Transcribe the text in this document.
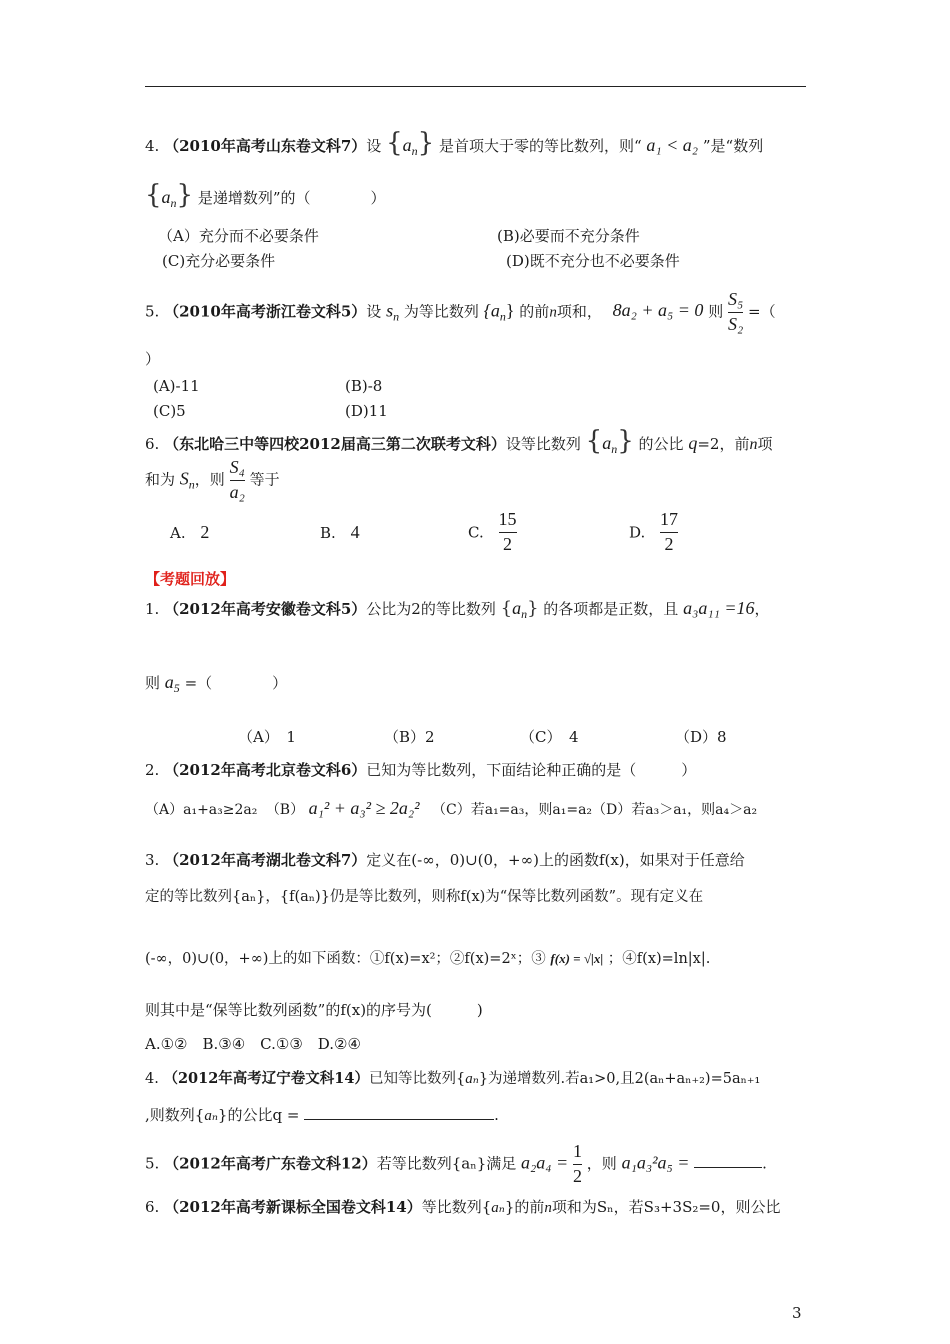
4. （2010年高考山东卷文科7）设 $\{a_n\}$ 是首项大于零的等比数列，则“ a₁ < a₂ ”是“数列
$\{a_n\}$ 是递增数列”的（　　　　）
（A）充分而不必要条件	(B)必要而不充分条件
(C)充分必要条件	(D)既不充分也不必要条件
5. （2010年高考浙江卷文科5）设 $s_n$ 为等比数列 $\{a_n\}$ 的前n项和， 8a₂ + a₅ = 0 则 $\frac{\text{S₅}}{\text{S₂}}$ =（
）
(A)-11	(B)-8
(C)5	(D)11
6. （东北哈三中等四校2012届高三第二次联考文科）设等比数列 $\{a_n\}$ 的公比 q=2，前n项
和为 $S_n$，则 $\frac{\text{S₄}}{\text{a₂}}$ 等于
A. 2	B. 4	C. $\frac{15}{2}$	D. $\frac{17}{2}$
【考题回放】
1. （2012年高考安徽卷文科5）公比为2的等比数列 $\{a_n\}$ 的各项都是正数，且 a₃a₁₁ =16，
则 $a_5$ =（　　　　）
（A）　1	（B）2	（C）　4	（D）8
2. （2012年高考北京卷文科6）已知为等比数列，下面结论种正确的是（　　　）
（A）a₁+a₃≥2a₂ （B） a₁² + a₃² ≥ 2a₂² （C）若a₁=a₃，则a₁=a₂（D）若a₃＞a₁，则a₄＞a₂
3. （2012年高考湖北卷文科7）定义在(-∞，0)∪(0，+∞)上的函数f(x)，如果对于任意给
定的等比数列{aₙ}，{f(aₙ)}仍是等比数列，则称f(x)为“保等比数列函数”。现有定义在
(-∞，0)∪(0，+∞)上的如下函数：①f(x)=x²；②f(x)=2ˣ；③ f(x) = √|x| ；④f(x)=ln|x|.
则其中是“保等比数列函数”的f(x)的序号为(　　　)
A.①②　B.③④　C.①③　D.②④
4. （2012年高考辽宁卷文科14）已知等比数列{aₙ}为递增数列.若a₁>0,且2(aₙ+aₙ₊₂)=5aₙ₊₁
,则数列{aₙ}的公比q =	.
5. （2012年高考广东卷文科12）若等比数列{aₙ}满足 $a_2a_4 = \frac{1}{2}$ ，则 a₁a₃²a₅ =	.
6. （2012年高考新课标全国卷文科14）等比数列{aₙ}的前n项和为Sₙ，若S₃+3S₂=0，则公比
3
